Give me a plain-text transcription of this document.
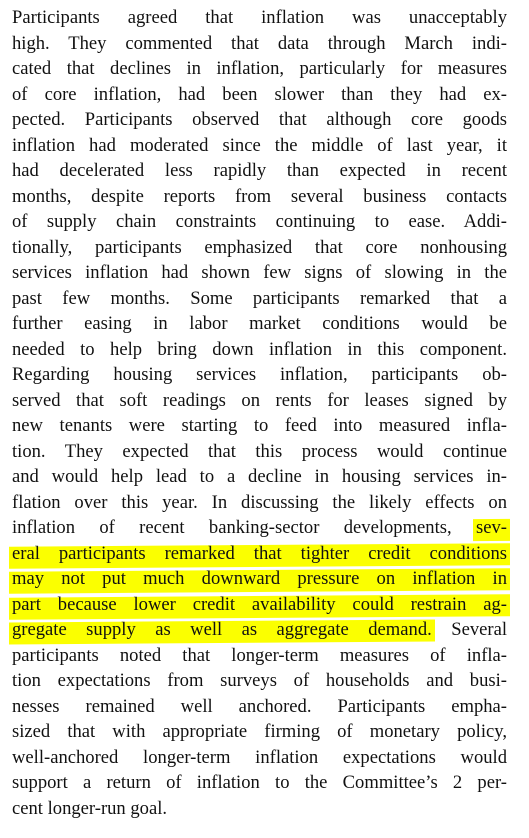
Participants agreed that inflation was unacceptably
high. They commented that data through March indi-
cated that declines in inflation, particularly for measures
of core inflation, had been slower than they had ex-
pected. Participants observed that although core goods
inflation had moderated since the middle of last year, it
had decelerated less rapidly than expected in recent
months, despite reports from several business contacts
of supply chain constraints continuing to ease. Addi-
tionally, participants emphasized that core nonhousing
services inflation had shown few signs of slowing in the
past few months. Some participants remarked that a
further easing in labor market conditions would be
needed to help bring down inflation in this component.
Regarding housing services inflation, participants ob-
served that soft readings on rents for leases signed by
new tenants were starting to feed into measured infla-
tion. They expected that this process would continue
and would help lead to a decline in housing services in-
flation over this year. In discussing the likely effects on
inflation of recent banking-sector developments, sev-
eral participants remarked that tighter credit conditions
may not put much downward pressure on inflation in
part because lower credit availability could restrain ag-
gregate supply as well as aggregate demand. Several
participants noted that longer-term measures of infla-
tion expectations from surveys of households and busi-
nesses remained well anchored. Participants empha-
sized that with appropriate firming of monetary policy,
well-anchored longer-term inflation expectations would
support a return of inflation to the Committee’s 2 per-
cent longer-run goal.
